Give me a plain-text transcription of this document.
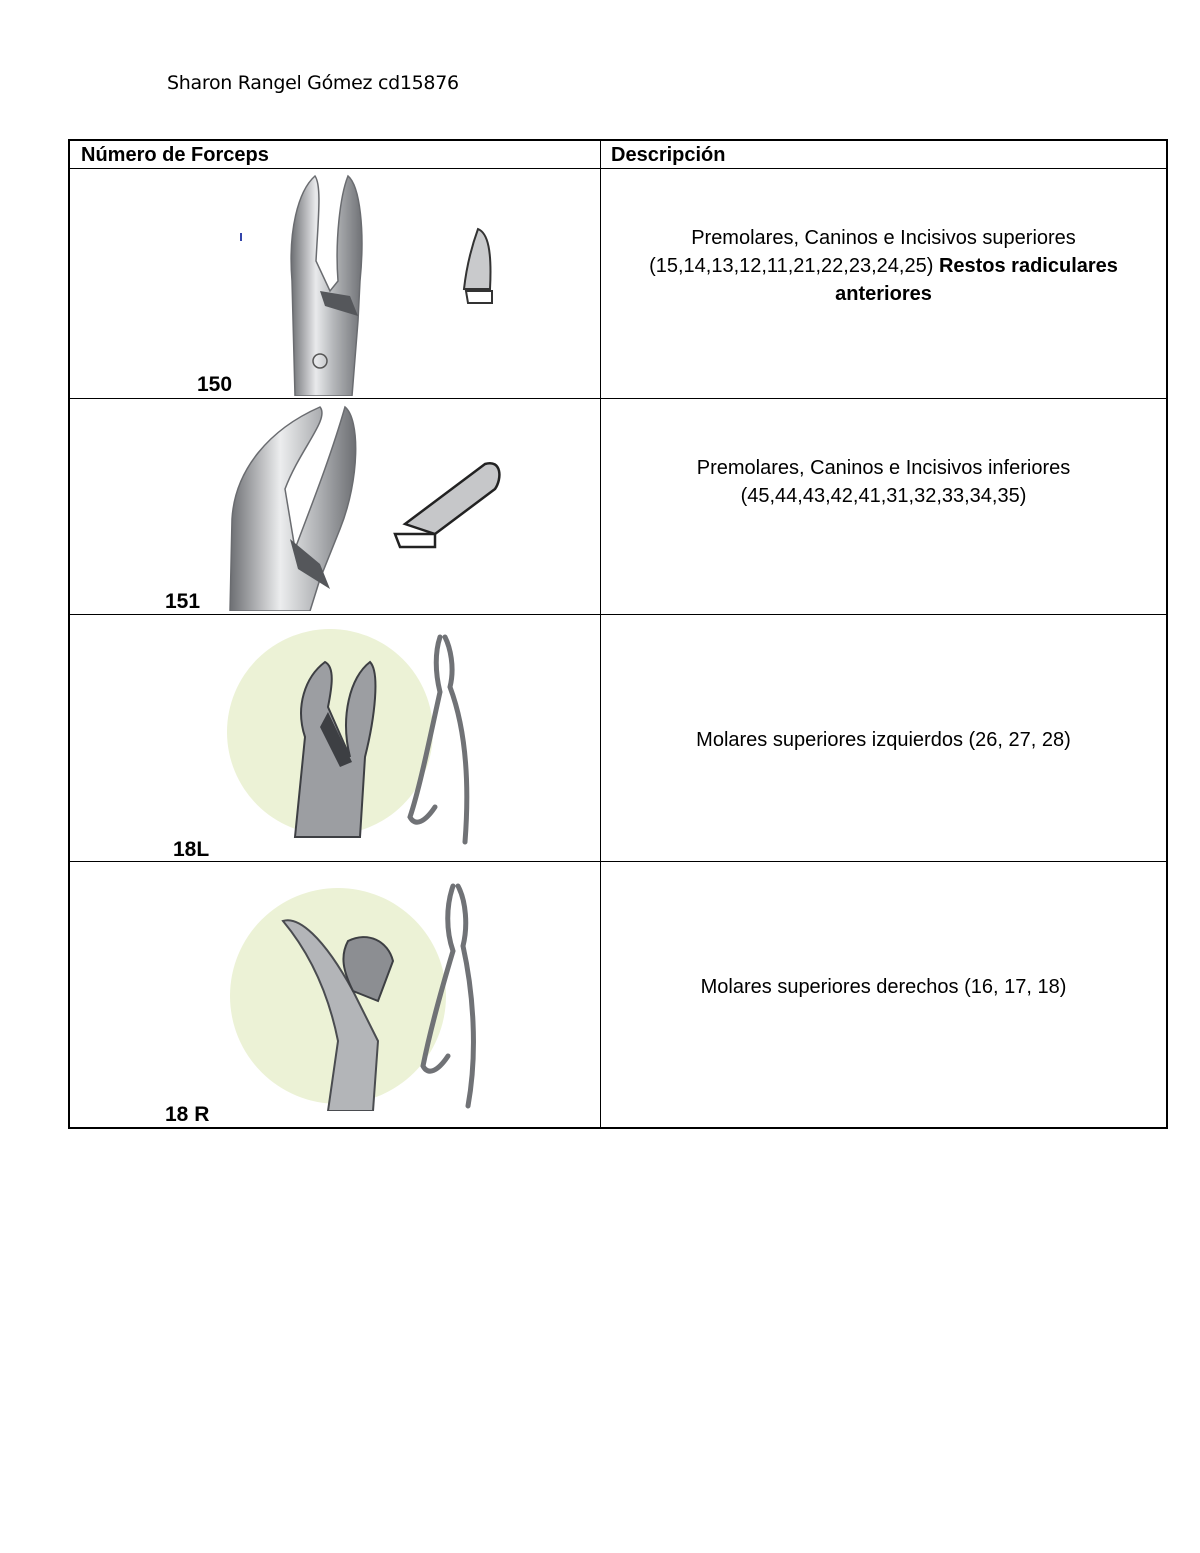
Sharon Rangel Gómez cd15876
Número de Forceps	Descripción
150
Premolares, Caninos e Incisivos superiores (15,14,13,12,11,21,22,23,24,25) Restos radiculares anteriores
151
Premolares, Caninos e Incisivos inferiores (45,44,43,42,41,31,32,33,34,35)
18L
Molares superiores izquierdos (26, 27, 28)
18 R
Molares superiores derechos (16, 17, 18)
